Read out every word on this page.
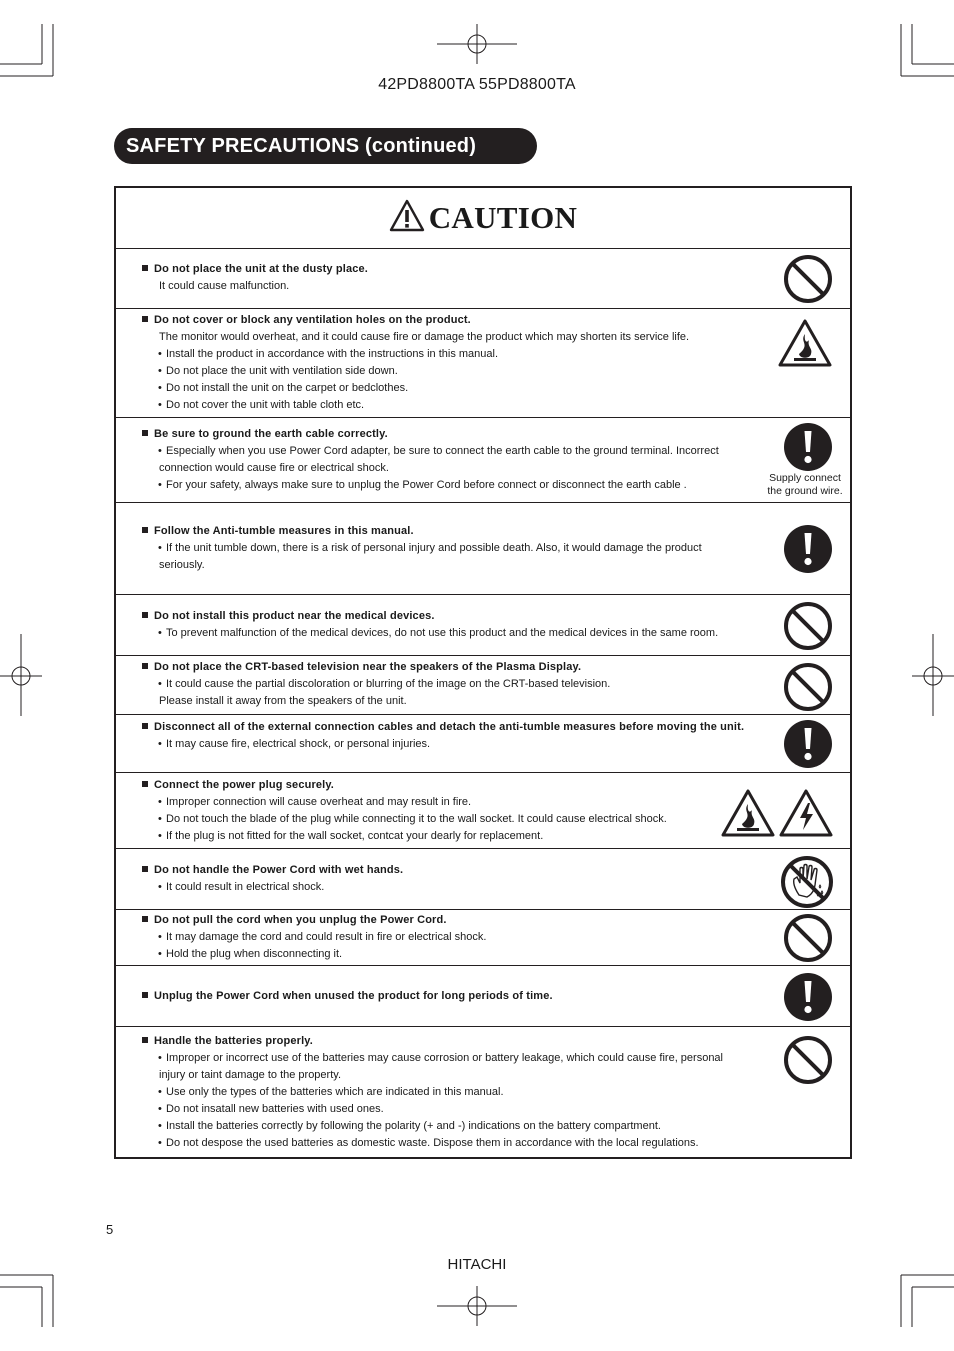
42PD8800TA 55PD8800TA
SAFETY PRECAUTIONS (continued)
CAUTION
Do not place the unit at the dusty place.
It could cause malfunction.
Do not cover or block any ventilation holes on the product.
The monitor would overheat, and it could cause fire or damage the product which may shorten its service life.
• Install the product in accordance with the instructions in this manual.
• Do not place the unit with ventilation side down.
• Do not install the unit on the carpet or bedclothes.
• Do not cover the unit with table cloth etc.
Be sure to ground the earth cable correctly.
• Especially when you use Power Cord adapter, be sure to connect the earth cable to the ground terminal. Incorrect
connection would cause fire or electrical shock.
• For your safety, always make sure to unplug the Power Cord before connect or disconnect the earth cable .
Supply connect
the ground wire.
Follow the Anti-tumble measures in this manual.
• If the unit tumble down, there is a risk of personal injury and possible death. Also, it would damage the product
seriously.
Do not install this product near the medical devices.
• To prevent malfunction of the medical devices, do not use this product and the medical devices in the same room.
Do not place the CRT-based television near the speakers of the Plasma Display.
• It could cause the partial discoloration or blurring of the image on the CRT-based television.
Please install it away from the speakers of the unit.
Disconnect all of the external connection cables and detach the anti-tumble measures before moving the unit.
• It may cause fire, electrical shock, or personal injuries.
Connect the power plug securely.
• Improper connection will cause overheat and may result in fire.
• Do not touch the blade of the plug while connecting it to the wall socket. It could cause electrical shock.
• If the plug is not fitted for the wall socket, contcat your dearly for replacement.
Do not handle the Power Cord with wet hands.
• It could result in electrical shock.
Do not pull the cord when you unplug the Power Cord.
• It may damage the cord and could result in fire or electrical shock.
• Hold the plug when disconnecting it.
Unplug the Power Cord when unused the product for long periods of time.
Handle the batteries properly.
• Improper or incorrect use of the batteries may cause corrosion or battery leakage, which could cause fire, personal
injury or taint damage to the property.
• Use only the types of the batteries which are indicated in this manual.
• Do not insatall new batteries with used ones.
• Install the batteries correctly by following the polarity (+ and -) indications on the battery compartment.
• Do not despose the used batteries as domestic waste. Dispose them in accordance with the local regulations.
5
HITACHI
